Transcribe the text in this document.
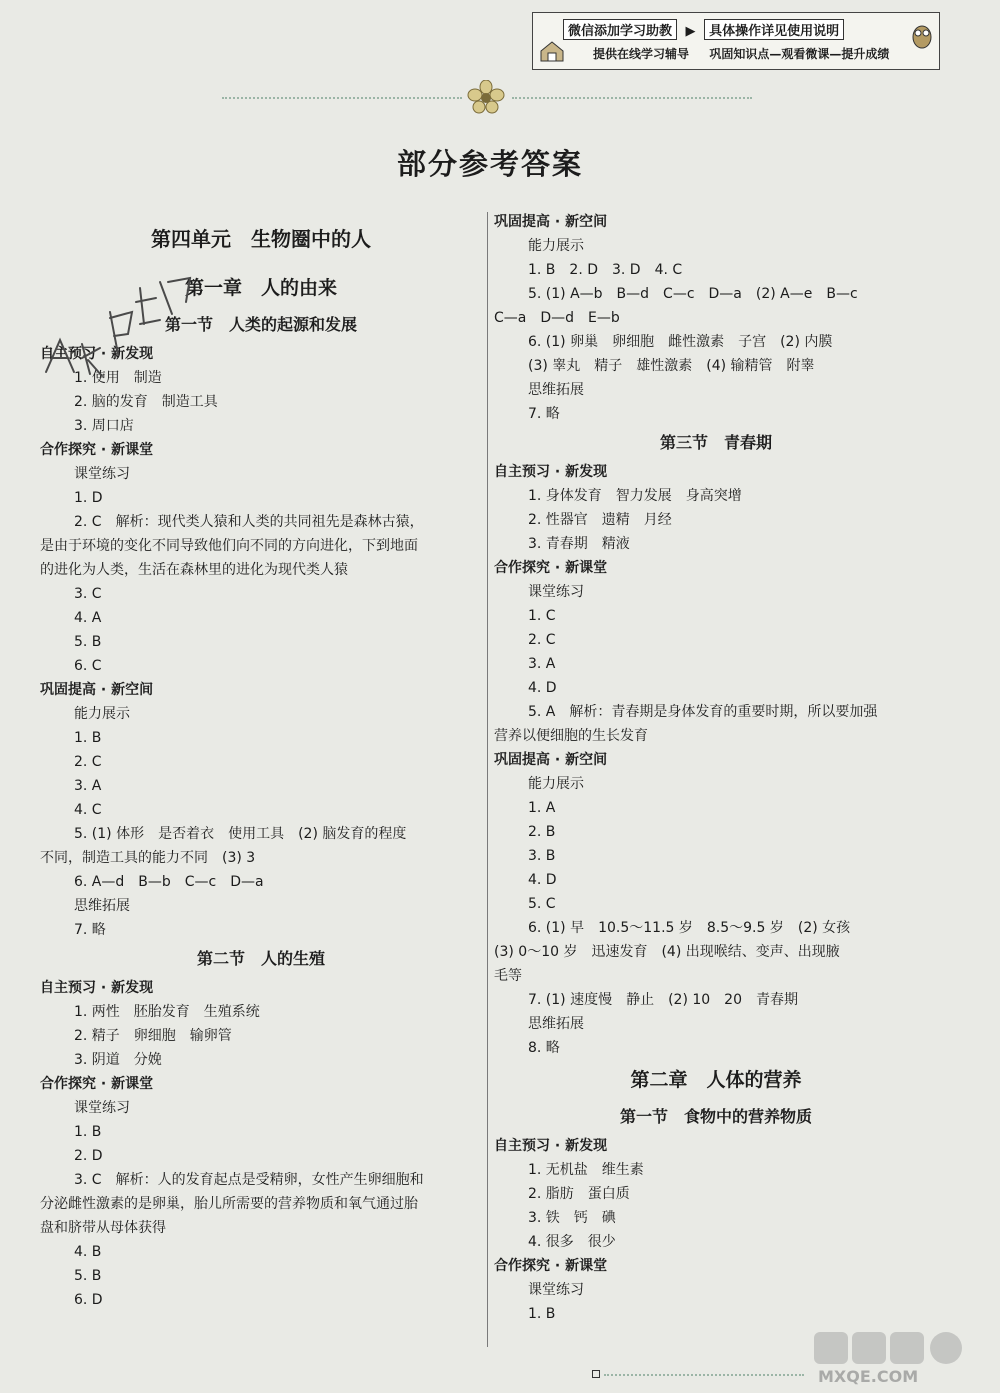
微信添加学习助教 ▶ 具体操作详见使用说明
提供在线学习辅导 　 巩固知识点—观看微课—提升成绩
部分参考答案
第四单元　生物圈中的人
第一章　人的由来
第一节　人类的起源和发展
自主预习 · 新发现
1. 使用　制造
2. 脑的发育　制造工具
3. 周口店
合作探究 · 新课堂
课堂练习
1. D
2. C　解析：现代类人猿和人类的共同祖先是森林古猿，
是由于环境的变化不同导致他们向不同的方向进化，下到地面
的进化为人类，生活在森林里的进化为现代类人猿
3. C
4. A
5. B
6. C
巩固提高 · 新空间
能力展示
1. B
2. C
3. A
4. C
5. (1) 体形　是否着衣　使用工具　(2) 脑发育的程度
不同，制造工具的能力不同　(3) 3
6. A—d　B—b　C—c　D—a
思维拓展
7. 略
第二节　人的生殖
自主预习 · 新发现
1. 两性　胚胎发育　生殖系统
2. 精子　卵细胞　输卵管
3. 阴道　分娩
合作探究 · 新课堂
课堂练习
1. B
2. D
3. C　解析：人的发育起点是受精卵，女性产生卵细胞和
分泌雌性激素的是卵巢，胎儿所需要的营养物质和氧气通过胎
盘和脐带从母体获得
4. B
5. B
6. D
巩固提高 · 新空间
能力展示
1. B　2. D　3. D　4. C
5. (1) A—b　B—d　C—c　D—a　(2) A—e　B—c
C—a　D—d　E—b
6. (1) 卵巢　卵细胞　雌性激素　子宫　(2) 内膜
(3) 睾丸　精子　雄性激素　(4) 输精管　附睾
思维拓展
7. 略
第三节　青春期
自主预习 · 新发现
1. 身体发育　智力发展　身高突增
2. 性器官　遗精　月经
3. 青春期　精液
合作探究 · 新课堂
课堂练习
1. C
2. C
3. A
4. D
5. A　解析：青春期是身体发育的重要时期，所以要加强
营养以便细胞的生长发育
巩固提高 · 新空间
能力展示
1. A
2. B
3. B
4. D
5. C
6. (1) 早　10.5～11.5 岁　8.5～9.5 岁　(2) 女孩
(3) 0～10 岁　迅速发育　(4) 出现喉结、变声、出现腋
毛等
7. (1) 速度慢　静止　(2) 10　20　青春期
思维拓展
8. 略
第二章　人体的营养
第一节　食物中的营养物质
自主预习 · 新发现
1. 无机盐　维生素
2. 脂肪　蛋白质
3. 铁　钙　碘
4. 很多　很少
合作探究 · 新课堂
课堂练习
1. B
MXQE.COM
